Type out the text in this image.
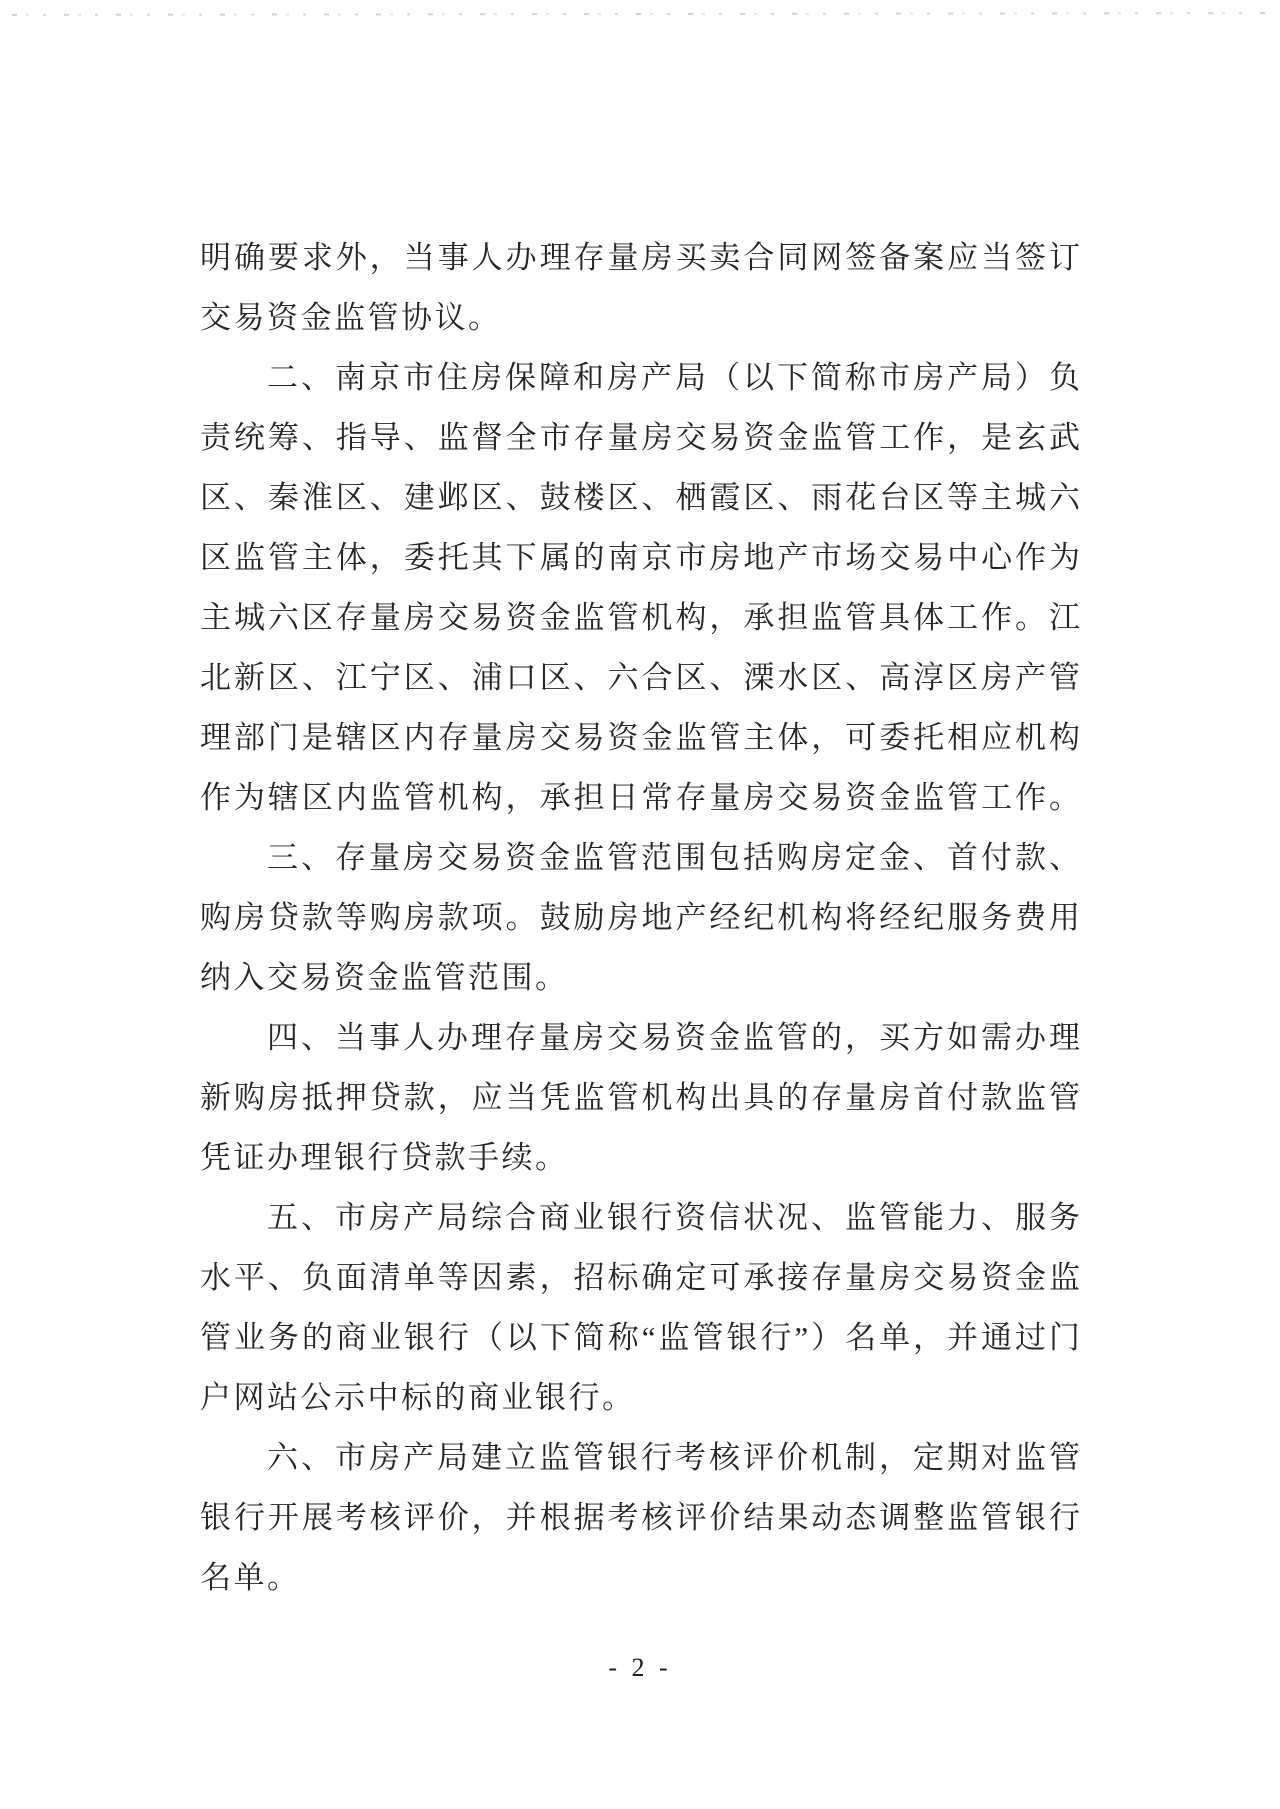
明确要求外，当事人办理存量房买卖合同网签备案应当签订
交易资金监管协议。
二、南京市住房保障和房产局（以下简称市房产局）负
责统筹、指导、监督全市存量房交易资金监管工作，是玄武
区、秦淮区、建邺区、鼓楼区、栖霞区、雨花台区等主城六
区监管主体，委托其下属的南京市房地产市场交易中心作为
主城六区存量房交易资金监管机构，承担监管具体工作。江
北新区、江宁区、浦口区、六合区、溧水区、高淳区房产管
理部门是辖区内存量房交易资金监管主体，可委托相应机构
作为辖区内监管机构，承担日常存量房交易资金监管工作。
三、存量房交易资金监管范围包括购房定金、首付款、
购房贷款等购房款项。鼓励房地产经纪机构将经纪服务费用
纳入交易资金监管范围。
四、当事人办理存量房交易资金监管的，买方如需办理
新购房抵押贷款，应当凭监管机构出具的存量房首付款监管
凭证办理银行贷款手续。
五、市房产局综合商业银行资信状况、监管能力、服务
水平、负面清单等因素，招标确定可承接存量房交易资金监
管业务的商业银行（以下简称“监管银行”）名单，并通过门
户网站公示中标的商业银行。
六、市房产局建立监管银行考核评价机制，定期对监管
银行开展考核评价，并根据考核评价结果动态调整监管银行
名单。
- 2 -
